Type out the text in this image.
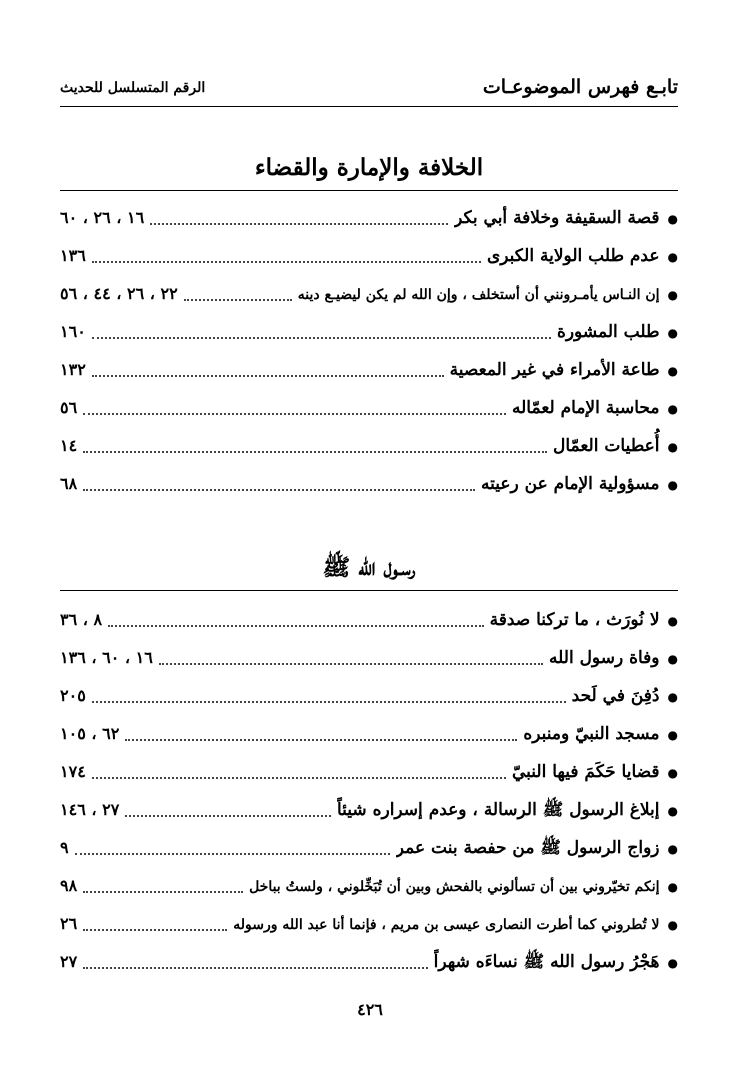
تابـع فهرس الموضوعـات
الرقم المتسلسل للحديث
الخلافة والإمارة والقضاء
●
قصة السقيفة وخلافة أبي بكر
١٦ ، ٢٦ ، ٦٠
●
عدم طلب الولاية الكبرى
١٣٦
●
إن النـاس يأمـرونني أن أستخلف ، وإن الله لم يكن ليضيـع دينه
٢٢ ، ٢٦ ، ٤٤ ، ٥٦
●
طلب المشورة
١٦٠
●
طاعة الأمراء في غير المعصية
١٣٢
●
محاسبة الإمام لعمّاله
٥٦
●
أُعطيات العمّال
١٤
●
مسؤولية الإمام عن رعيته
٦٨
رسـول الله ﷺ
●
لا نُورَث ، ما تركنا صدقة
٨ ، ٣٦
●
وفاة رسول الله
١٦ ، ٦٠ ، ١٣٦
●
دُفِنَ في لَحد
٢٠٥
●
مسجد النبيّ ومنبره
٦٢ ، ١٠٥
●
قضايا حَكَمَ فيها النبيّ
١٧٤
●
إبلاغ الرسول ﷺ الرسالة ، وعدم إسراره شيئاً
٢٧ ، ١٤٦
●
زواج الرسول ﷺ من حفصة بنت عمر
٩
●
إنكم تخيّروني بين أن تسألوني بالفحش وبين أن تُبَخِّلوني ، ولستُ بباخل
٩٨
●
لا تُطروني كما أطرت النصارى عيسى بن مريم ، فإنما أنا عبد الله ورسوله
٢٦
●
هَجْرُ رسول الله ﷺ نساءَه شهراً
٢٧
٤٢٦
